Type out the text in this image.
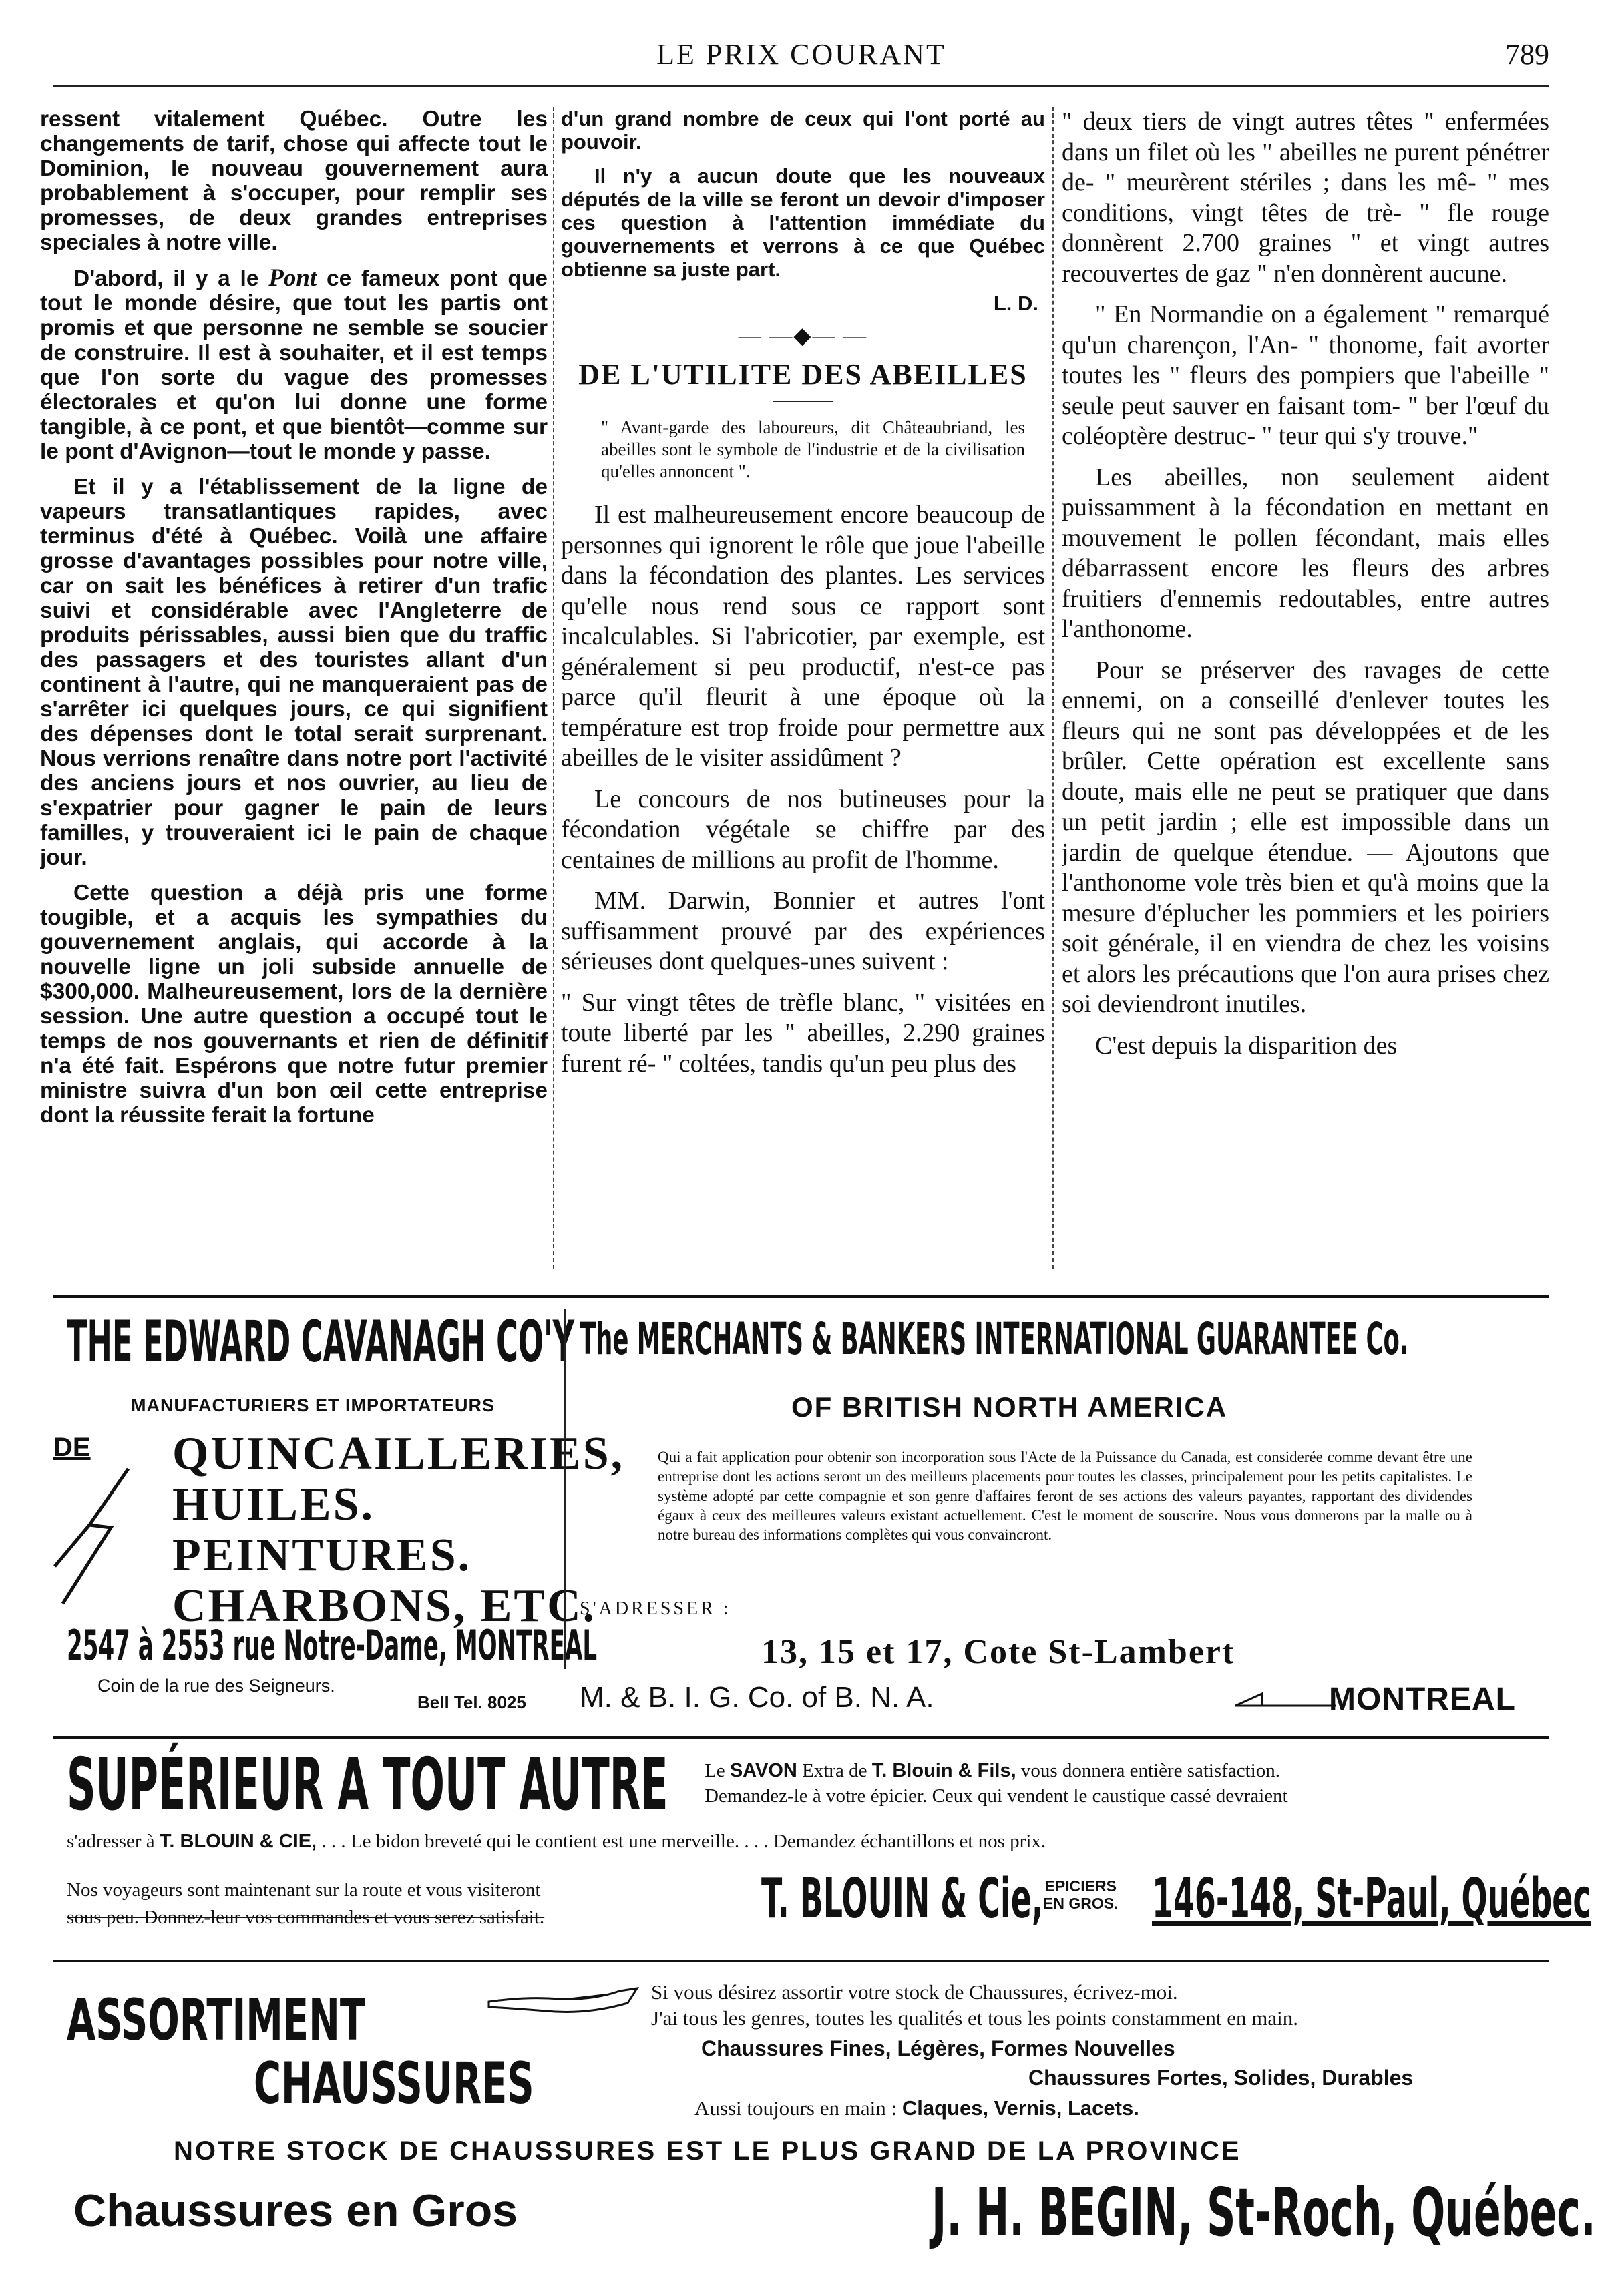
LE PRIX COURANT	789

ressent vitalement Québec. Outre les changements de tarif, chose qui affecte tout le Dominion, le nouveau gouvernement aura probablement à s'occuper, pour remplir ses promesses, de deux grandes entreprises speciales à notre ville.

D'abord, il y a le Pont ce fameux pont que tout le monde désire, que tout les partis ont promis et que personne ne semble se soucier de construire. Il est à souhaiter, et il est temps que l'on sorte du vague des promesses électorales et qu'on lui donne une forme tangible, à ce pont, et que bientôt—comme sur le pont d'Avignon—tout le monde y passe.

Et il y a l'établissement de la ligne de vapeurs transatlantiques rapides, avec terminus d'été à Québec. Voilà une affaire grosse d'avantages possibles pour notre ville, car on sait les bénéfices à retirer d'un trafic suivi et considérable avec l'Angleterre de produits périssables, aussi bien que du traffic des passagers et des touristes allant d'un continent à l'autre, qui ne manqueraient pas de s'arrêter ici quelques jours, ce qui signifient des dépenses dont le total serait surprenant. Nous verrions renaître dans notre port l'activité des anciens jours et nos ouvrier, au lieu de s'expatrier pour gagner le pain de leurs familles, y trouveraient ici le pain de chaque jour.

Cette question a déjà pris une forme tougible, et a acquis les sympathies du gouvernement anglais, qui accorde à la nouvelle ligne un joli subside annuelle de $300,000. Malheureusement, lors de la dernière session. Une autre question a occupé tout le temps de nos gouvernants et rien de définitif n'a été fait. Espérons que notre futur premier ministre suivra d'un bon œil cette entreprise dont la réussite ferait la fortune

d'un grand nombre de ceux qui l'ont porté au pouvoir.

Il n'y a aucun doute que les nouveaux députés de la ville se feront un devoir d'imposer ces question à l'attention immédiate du gouvernements et verrons à ce que Québec obtienne sa juste part.

L. D.
— —◆— —
DE L'UTILITE DES ABEILLES
" Avant-garde des laboureurs, dit Châteaubriand, les abeilles sont le symbole de l'industrie et de la civilisation qu'elles annoncent ".

Il est malheureusement encore beaucoup de personnes qui ignorent le rôle que joue l'abeille dans la fécondation des plantes. Les services qu'elle nous rend sous ce rapport sont incalculables. Si l'abricotier, par exemple, est généralement si peu productif, n'est-ce pas parce qu'il fleurit à une époque où la température est trop froide pour permettre aux abeilles de le visiter assidûment ?

Le concours de nos butineuses pour la fécondation végétale se chiffre par des centaines de millions au profit de l'homme.

MM. Darwin, Bonnier et autres l'ont suffisamment prouvé par des expériences sérieuses dont quelques-unes suivent :

" Sur vingt têtes de trèfle blanc, " visitées en toute liberté par les " abeilles, 2.290 graines furent ré- " coltées, tandis qu'un peu plus des

" deux tiers de vingt autres têtes " enfermées dans un filet où les " abeilles ne purent pénétrer de- " meurèrent stériles ; dans les mê- " mes conditions, vingt têtes de trè- " fle rouge donnèrent 2.700 graines " et vingt autres recouvertes de gaz " n'en donnèrent aucune.

" En Normandie on a également " remarqué qu'un charençon, l'An- " thonome, fait avorter toutes les " fleurs des pompiers que l'abeille " seule peut sauver en faisant tom- " ber l'œuf du coléoptère destruc- " teur qui s'y trouve."

Les abeilles, non seulement aident puissamment à la fécondation en mettant en mouvement le pollen fécondant, mais elles débarrassent encore les fleurs des arbres fruitiers d'ennemis redoutables, entre autres l'anthonome.

Pour se préserver des ravages de cette ennemi, on a conseillé d'enlever toutes les fleurs qui ne sont pas développées et de les brûler. Cette opération est excellente sans doute, mais elle ne peut se pratiquer que dans un petit jardin ; elle est impossible dans un jardin de quelque étendue. — Ajoutons que l'anthonome vole très bien et qu'à moins que la mesure d'éplucher les pommiers et les poiriers soit générale, il en viendra de chez les voisins et alors les précautions que l'on aura prises chez soi deviendront inutiles.

C'est depuis la disparition des

THE EDWARD CAVANAGH CO'Y
MANUFACTURIERS ET IMPORTATEURS
DE QUINCAILLERIES,
HUILES.
PEINTURES.
CHARBONS, ETC.
2547 à 2553 rue Notre-Dame, MONTREAL
Coin de la rue des Seigneurs.
The MERCHANTS & BANKERS INTERNATIONAL GUARANTEE Co.
OF BRITISH NORTH AMERICA
Qui a fait application pour obtenir son incorporation sous l'Acte de la Puissance du Canada, est considerée comme devant être une entreprise dont les actions seront un des meilleurs placements pour toutes les classes, principalement pour les petits capitalistes. Le système adopté par cette compagnie et son genre d'affaires feront de ses actions des valeurs payantes, rapportant des dividendes égaux à ceux des meilleures valeurs existant actuellement. C'est le moment de souscrire. Nous vous donnerons par la malle ou à notre bureau des informations complètes qui vous convaincront.
S'ADRESSER :
13, 15 et 17, Cote St-Lambert
Bell Tel. 8025 M. & B. I. G. Co. of B. N. A.	MONTREAL
SUPÉRIEUR A TOUT AUTRE Le SAVON Extra de T. Blouin & Fils, vous donnera entière satisfaction.
Demandez-le à votre épicier. Ceux qui vendent le caustique cassé devraient
s'adresser à T. BLOUIN & CIE, . . . Le bidon breveté qui le contient est une merveille. . . . Demandez échantillons et nos prix.
Nos voyageurs sont maintenant sur la route et vous visiteront
sous peu. Donnez-leur vos commandes et vous serez satisfait.	T. BLOUIN & Cie, EPICIERS
EN GROS. 146-148, St-Paul, Québec
ASSORTIMENT
CHAUSSURES
Si vous désirez assortir votre stock de Chaussures, écrivez-moi.
J'ai tous les genres, toutes les qualités et tous les points constamment en main.
Chaussures Fines, Légères, Formes Nouvelles
Chaussures Fortes, Solides, Durables
Aussi toujours en main : Claques, Vernis, Lacets.
NOTRE STOCK DE CHAUSSURES EST LE PLUS GRAND DE LA PROVINCE
Chaussures en Gros	J. H. BEGIN, St-Roch, Québec.
